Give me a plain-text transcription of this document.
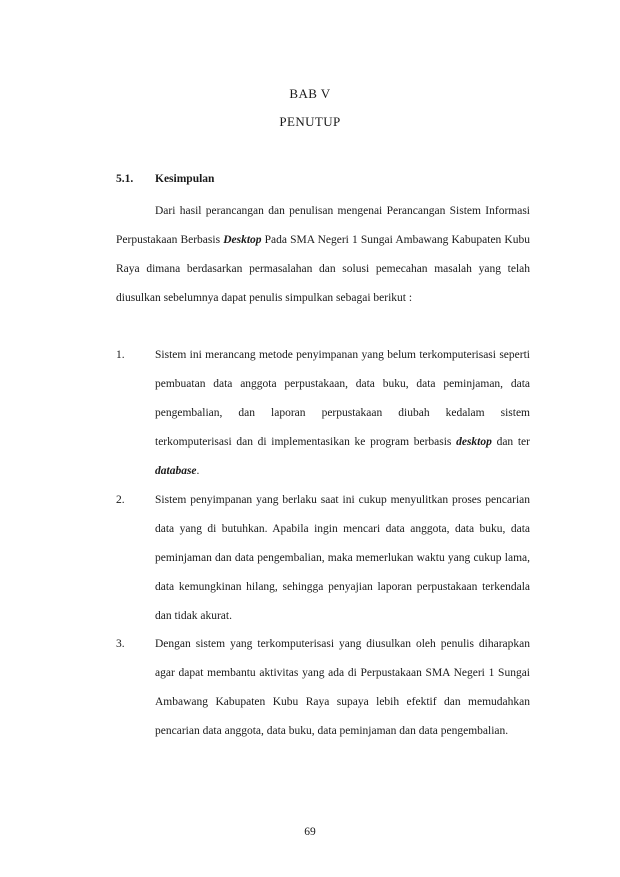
BAB V
PENUTUP
5.1. Kesimpulan

Dari hasil perancangan dan penulisan mengenai Perancangan Sistem Informasi Perpustakaan Berbasis Desktop Pada SMA Negeri 1 Sungai Ambawang Kabupaten Kubu Raya dimana berdasarkan permasalahan dan solusi pemecahan masalah yang telah diusulkan sebelumnya dapat penulis simpulkan sebagai berikut :

1.	Sistem ini merancang metode penyimpanan yang belum terkomputerisasi seperti pembuatan data anggota perpustakaan, data buku, data peminjaman, data pengembalian, dan laporan perpustakaan diubah kedalam sistem terkomputerisasi dan di implementasikan ke program berbasis desktop dan ter database.
2.	Sistem penyimpanan yang berlaku saat ini cukup menyulitkan proses pencarian data yang di butuhkan. Apabila ingin mencari data anggota, data buku, data peminjaman dan data pengembalian, maka memerlukan waktu yang cukup lama, data kemungkinan hilang, sehingga penyajian laporan perpustakaan terkendala dan tidak akurat.
3.	Dengan sistem yang terkomputerisasi yang diusulkan oleh penulis diharapkan agar dapat membantu aktivitas yang ada di Perpustakaan SMA Negeri 1 Sungai Ambawang Kabupaten Kubu Raya supaya lebih efektif dan memudahkan pencarian data anggota, data buku, data peminjaman dan data pengembalian.
69
